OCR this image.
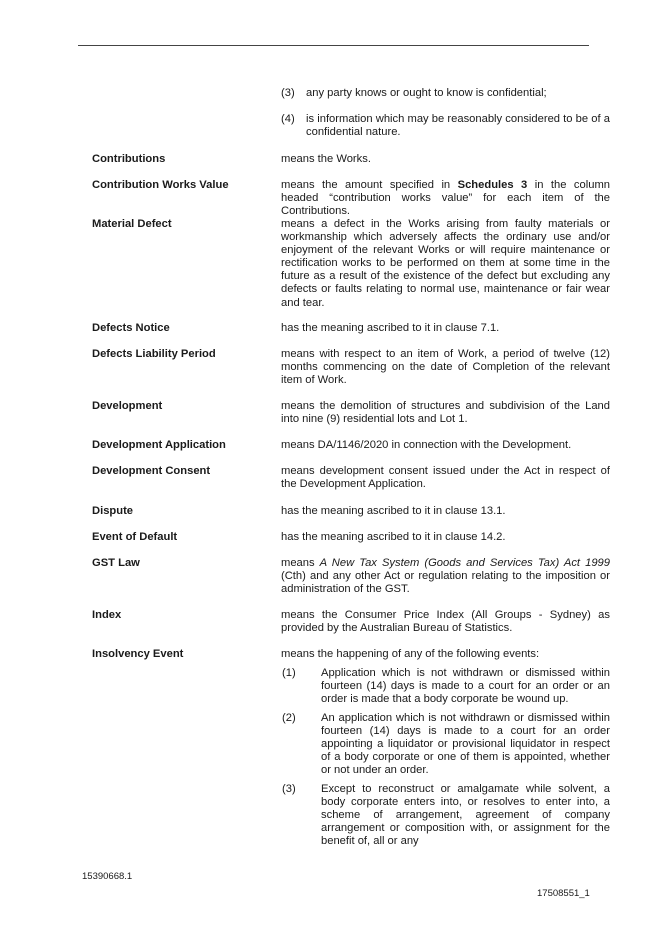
(3) any party knows or ought to know is confidential;
(4) is information which may be reasonably considered to be of a confidential nature.
Contributions	means the Works.
Contribution Works Value	means the amount specified in Schedules 3 in the column headed “contribution works value” for each item of the Contributions.
Material Defect	means a defect in the Works arising from faulty materials or workmanship which adversely affects the ordinary use and/or enjoyment of the relevant Works or will require maintenance or rectification works to be performed on them at some time in the future as a result of the existence of the defect but excluding any defects or faults relating to normal use, maintenance or fair wear and tear.
Defects Notice	has the meaning ascribed to it in clause 7.1.
Defects Liability Period	means with respect to an item of Work, a period of twelve (12) months commencing on the date of Completion of the relevant item of Work.
Development	means the demolition of structures and subdivision of the Land into nine (9) residential lots and Lot 1.
Development Application	means DA/1146/2020 in connection with the Development.
Development Consent	means development consent issued under the Act in respect of the Development Application.
Dispute	has the meaning ascribed to it in clause 13.1.
Event of Default	has the meaning ascribed to it in clause 14.2.
GST Law	means A New Tax System (Goods and Services Tax) Act 1999 (Cth) and any other Act or regulation relating to the imposition or administration of the GST.
Index	means the Consumer Price Index (All Groups - Sydney) as provided by the Australian Bureau of Statistics.
Insolvency Event	means the happening of any of the following events:
(1) Application which is not withdrawn or dismissed within fourteen (14) days is made to a court for an order or an order is made that a body corporate be wound up.
(2) An application which is not withdrawn or dismissed within fourteen (14) days is made to a court for an order appointing a liquidator or provisional liquidator in respect of a body corporate or one of them is appointed, whether or not under an order.
(3) Except to reconstruct or amalgamate while solvent, a body corporate enters into, or resolves to enter into, a scheme of arrangement, agreement of company arrangement or composition with, or assignment for the benefit of, all or any
15390668.1
17508551_1
